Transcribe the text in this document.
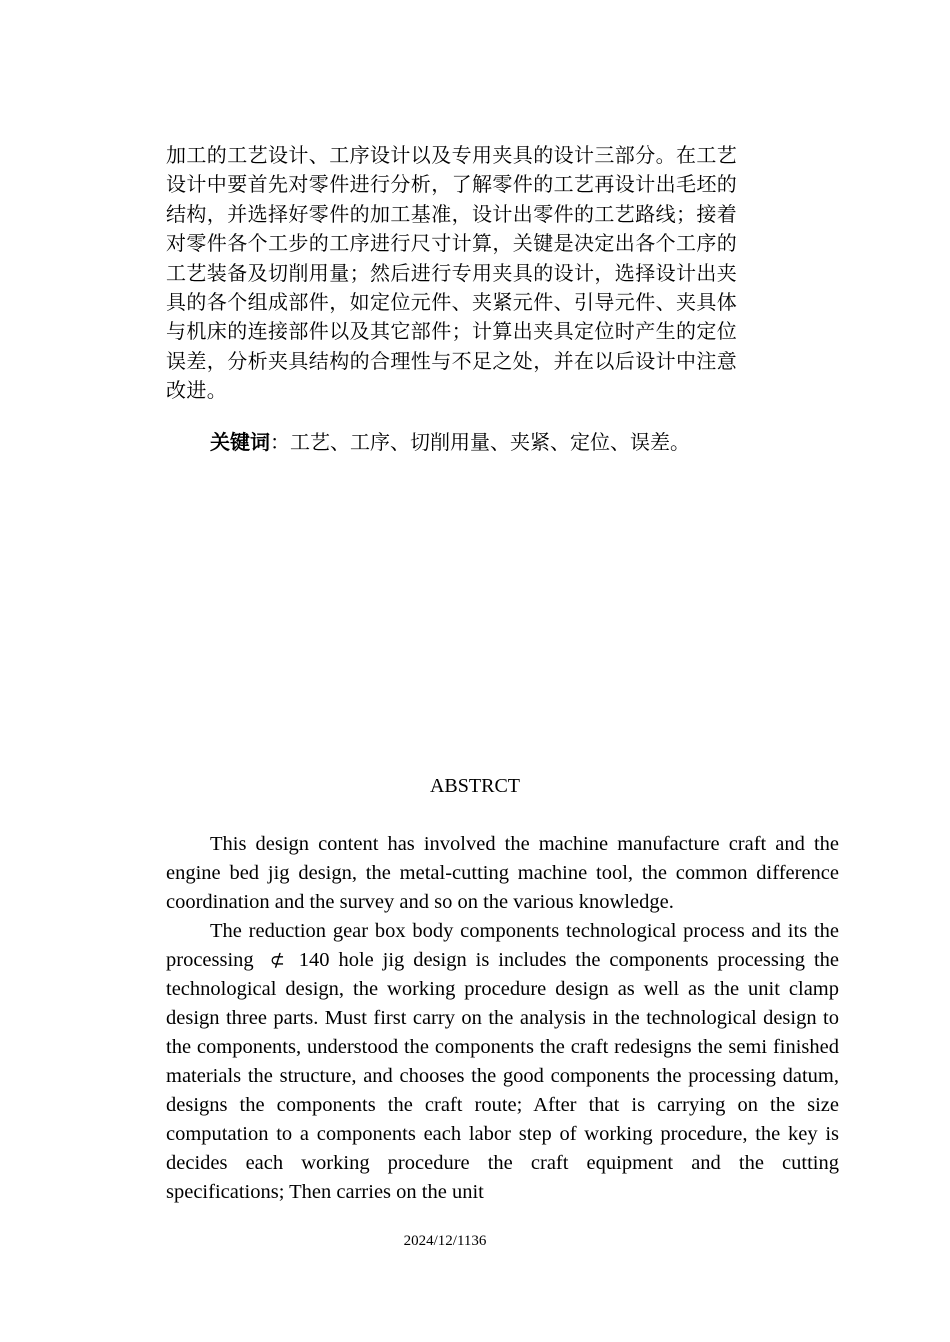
加工的工艺设计、工序设计以及专用夹具的设计三部分。在工艺
设计中要首先对零件进行分析，了解零件的工艺再设计出毛坯的
结构，并选择好零件的加工基准，设计出零件的工艺路线；接着
对零件各个工步的工序进行尺寸计算，关键是决定出各个工序的
工艺装备及切削用量；然后进行专用夹具的设计，选择设计出夹
具的各个组成部件，如定位元件、夹紧元件、引导元件、夹具体
与机床的连接部件以及其它部件；计算出夹具定位时产生的定位
误差，分析夹具结构的合理性与不足之处，并在以后设计中注意
改进。
关键词：工艺、工序、切削用量、夹紧、定位、误差。
ABSTRCT

This design content has involved the machine manufacture craft and the engine bed jig design, the metal-cutting machine tool, the common difference coordination and the survey and so on the various knowledge.

The reduction gear box body components technological process and its the processing ⊄ 140 hole jig design is includes the components processing the technological design, the working procedure design as well as the unit clamp design three parts. Must first carry on the analysis in the technological design to the components, understood the components the craft redesigns the semi finished materials the structure, and chooses the good components the processing datum, designs the components the craft route; After that is carrying on the size computation to a components each labor step of working procedure, the key is decides each working procedure the craft equipment and the cutting specifications; Then carries on the unit

2024/12/1136
